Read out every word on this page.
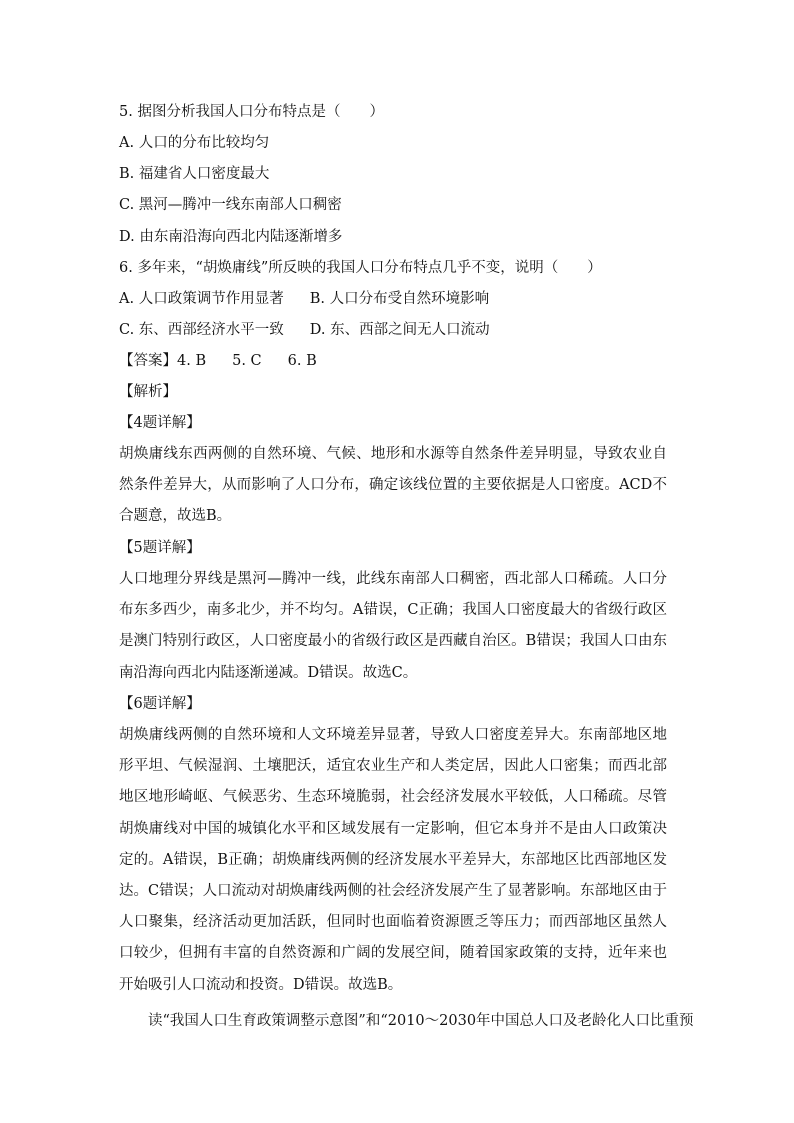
5. 据图分析我国人口分布特点是（　　）
A. 人口的分布比较均匀
B. 福建省人口密度最大
C. 黑河—腾冲一线东南部人口稠密
D. 由东南沿海向西北内陆逐渐增多
6. 多年来，“胡焕庸线”所反映的我国人口分布特点几乎不变，说明（　　）
A. 人口政策调节作用显著 B. 人口分布受自然环境影响
C. 东、西部经济水平一致 D. 东、西部之间无人口流动
【答案】4. B 5. C 6. B
【解析】
【4题详解】
胡焕庸线东西两侧的自然环境、气候、地形和水源等自然条件差异明显，导致农业自然条件差异大，从而影响了人口分布，确定该线位置的主要依据是人口密度。ACD不合题意，故选B。
【5题详解】
人口地理分界线是黑河—腾冲一线，此线东南部人口稠密，西北部人口稀疏。人口分布东多西少，南多北少，并不均匀。A错误，C正确；我国人口密度最大的省级行政区是澳门特别行政区，人口密度最小的省级行政区是西藏自治区。B错误；我国人口由东南沿海向西北内陆逐渐递减。D错误。故选C。
【6题详解】
胡焕庸线两侧的自然环境和人文环境差异显著，导致人口密度差异大。东南部地区地形平坦、气候湿润、土壤肥沃，适宜农业生产和人类定居，因此人口密集；而西北部地区地形崎岖、气候恶劣、生态环境脆弱，社会经济发展水平较低，人口稀疏。尽管胡焕庸线对中国的城镇化水平和区域发展有一定影响，但它本身并不是由人口政策决定的。A错误，B正确；胡焕庸线两侧的经济发展水平差异大，东部地区比西部地区发达。C错误；人口流动对胡焕庸线两侧的社会经济发展产生了显著影响。东部地区由于人口聚集，经济活动更加活跃，但同时也面临着资源匮乏等压力；而西部地区虽然人口较少，但拥有丰富的自然资源和广阔的发展空间，随着国家政策的支持，近年来也开始吸引人口流动和投资。D错误。故选B。
读“我国人口生育政策调整示意图”和“2010～2030年中国总人口及老龄化人口比重预
